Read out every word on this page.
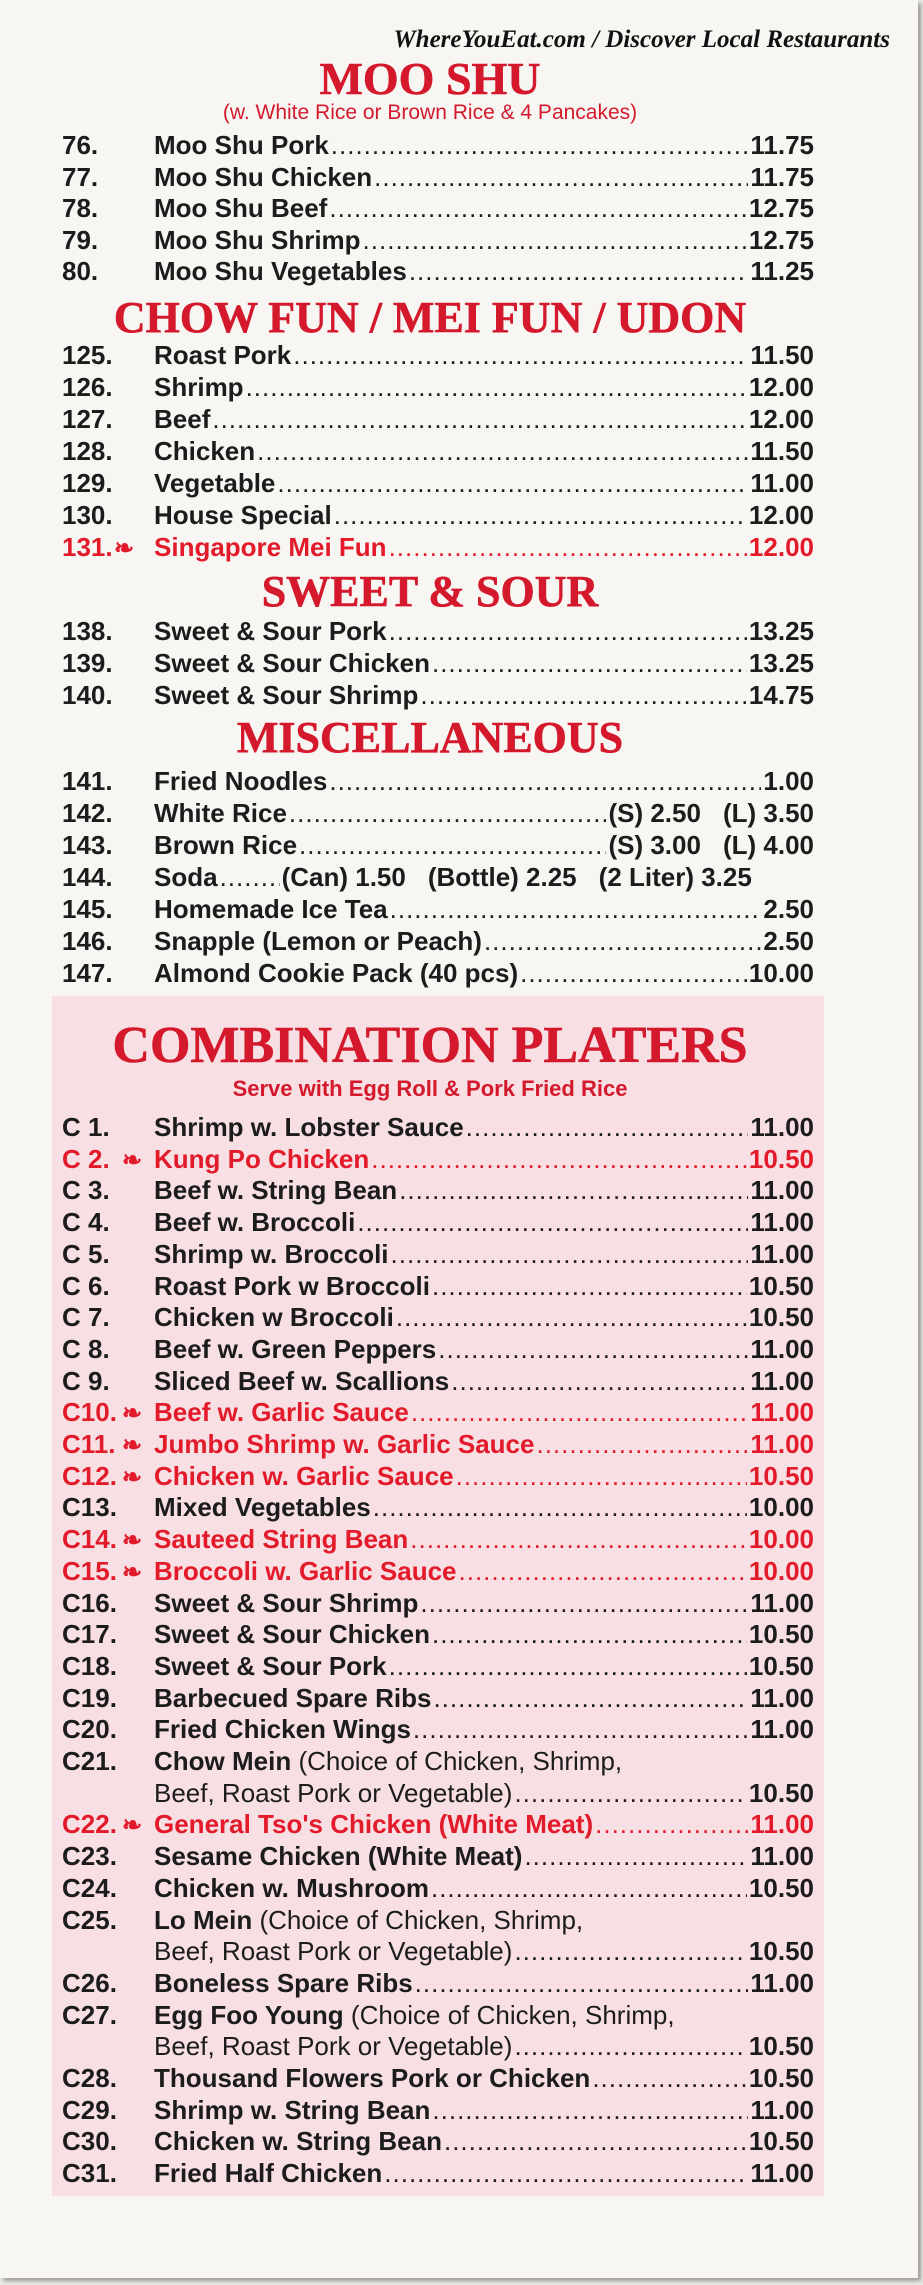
WhereYouEat.com / Discover Local Restaurants
MOO SHU
(w. White Rice or Brown Rice & 4 Pancakes)
76.	Moo Shu Pork .....	11.75
77.	Moo Shu Chicken .....	11.75
78.	Moo Shu Beef .....	12.75
79.	Moo Shu Shrimp .....	12.75
80.	Moo Shu Vegetables .....	11.25
CHOW FUN / MEI FUN / UDON
125.	Roast Pork .....	11.50
126.	Shrimp .....	12.00
127.	Beef .....	12.00
128.	Chicken .....	11.50
129.	Vegetable .....	11.00
130.	House Special .....	12.00
131. ❧ Singapore Mei Fun .....	12.00
SWEET & SOUR
138.	Sweet & Sour Pork .....	13.25
139.	Sweet & Sour Chicken .....	13.25
140.	Sweet & Sour Shrimp .....	14.75
MISCELLANEOUS
141.	Fried Noodles .....	1.00
142.	White Rice .....	(S) 2.50 (L) 3.50
143.	Brown Rice .....	(S) 3.00 (L) 4.00
144.	Soda ..... (Can) 1.50 (Bottle) 2.25 (2 Liter) 3.25
145.	Homemade Ice Tea .....	2.50
146.	Snapple (Lemon or Peach) .....	2.50
147.	Almond Cookie Pack (40 pcs) .....	10.00
COMBINATION PLATERS
Serve with Egg Roll & Pork Fried Rice
C 1.	Shrimp w. Lobster Sauce .....	11.00
C 2. ❧ Kung Po Chicken .....	10.50
C 3.	Beef w. String Bean .....	11.00
C 4.	Beef w. Broccoli .....	11.00
C 5.	Shrimp w. Broccoli .....	11.00
C 6.	Roast Pork w Broccoli .....	10.50
C 7.	Chicken w Broccoli .....	10.50
C 8.	Beef w. Green Peppers .....	11.00
C 9.	Sliced Beef w. Scallions .....	11.00
C10. ❧ Beef w. Garlic Sauce .....	11.00
C11. ❧ Jumbo Shrimp w. Garlic Sauce .....	11.00
C12. ❧ Chicken w. Garlic Sauce .....	10.50
C13. Mixed Vegetables .....	10.00
C14. ❧ Sauteed String Bean .....	10.00
C15. ❧ Broccoli w. Garlic Sauce .....	10.00
C16. Sweet & Sour Shrimp .....	11.00
C17. Sweet & Sour Chicken .....	10.50
C18. Sweet & Sour Pork .....	10.50
C19. Barbecued Spare Ribs .....	11.00
C20. Fried Chicken Wings .....	11.00
C21. Chow Mein (Choice of Chicken, Shrimp,
Beef, Roast Pork or Vegetable) .....	10.50
C22. ❧ General Tso's Chicken (White Meat) .....	11.00
C23. Sesame Chicken (White Meat) .....	11.00
C24. Chicken w. Mushroom .....	10.50
C25. Lo Mein (Choice of Chicken, Shrimp,
Beef, Roast Pork or Vegetable) .....	10.50
C26. Boneless Spare Ribs .....	11.00
C27. Egg Foo Young (Choice of Chicken, Shrimp,
Beef, Roast Pork or Vegetable) .....	10.50
C28. Thousand Flowers Pork or Chicken .....	10.50
C29. Shrimp w. String Bean .....	11.00
C30. Chicken w. String Bean .....	10.50
C31. Fried Half Chicken .....	11.00
